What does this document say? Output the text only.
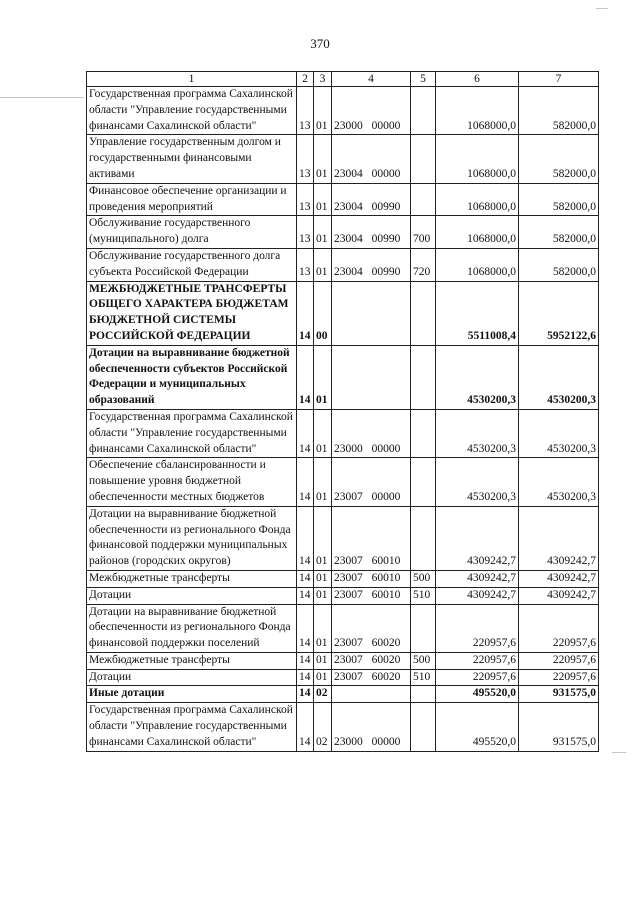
370
1	2	3	4	5	6	7
Государственная программа Сахалинской области "Управление государственными финансами Сахалинской области"	13	01	23000 00000		1068000,0	582000,0
Управление государственным долгом и государственными финансовыми активами	13	01	23004 00000		1068000,0	582000,0
Финансовое обеспечение организации и проведения мероприятий	13	01	23004 00990		1068000,0	582000,0
Обслуживание государственного (муниципального) долга	13	01	23004 00990	700	1068000,0	582000,0
Обслуживание государственного долга субъекта Российской Федерации	13	01	23004 00990	720	1068000,0	582000,0
МЕЖБЮДЖЕТНЫЕ ТРАНСФЕРТЫ ОБЩЕГО ХАРАКТЕРА БЮДЖЕТАМ БЮДЖЕТНОЙ СИСТЕМЫ РОССИЙСКОЙ ФЕДЕРАЦИИ	14	00			5511008,4	5952122,6
Дотации на выравнивание бюджетной обеспеченности субъектов Российской Федерации и муниципальных образований	14	01			4530200,3	4530200,3
Государственная программа Сахалинской области "Управление государственными финансами Сахалинской области"	14	01	23000 00000		4530200,3	4530200,3
Обеспечение сбалансированности и повышение уровня бюджетной обеспеченности местных бюджетов	14	01	23007 00000		4530200,3	4530200,3
Дотации на выравнивание бюджетной обеспеченности из регионального Фонда финансовой поддержки муниципальных районов (городских округов)	14	01	23007 60010		4309242,7	4309242,7
Межбюджетные трансферты	14	01	23007 60010	500	4309242,7	4309242,7
Дотации	14	01	23007 60010	510	4309242,7	4309242,7
Дотации на выравнивание бюджетной обеспеченности из регионального Фонда финансовой поддержки поселений	14	01	23007 60020		220957,6	220957,6
Межбюджетные трансферты	14	01	23007 60020	500	220957,6	220957,6
Дотации	14	01	23007 60020	510	220957,6	220957,6
Иные дотации	14	02			495520,0	931575,0
Государственная программа Сахалинской области "Управление государственными финансами Сахалинской области"	14	02	23000 00000		495520,0	931575,0
